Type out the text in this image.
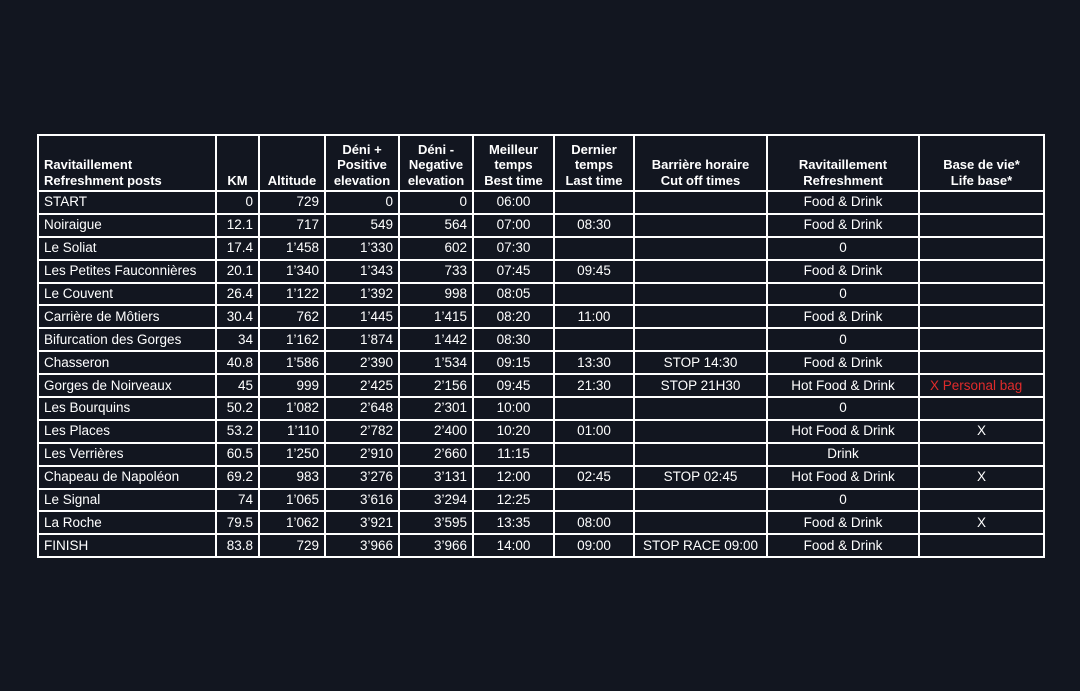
Ravitaillement
Refreshment posts	KM	Altitude	Déni +
Positive
elevation	Déni -
Negative
elevation	Meilleur
temps
Best time	Dernier
temps
Last time	Barrière horaire
Cut off times	Ravitaillement
Refreshment	Base de vie*
Life base*
START	0	729	0	0	06:00			Food & Drink	
Noiraigue	12.1	717	549	564	07:00	08:30		Food & Drink	
Le Soliat	17.4	1’458	1’330	602	07:30			0	
Les Petites Fauconnières	20.1	1’340	1’343	733	07:45	09:45		Food & Drink	
Le Couvent	26.4	1’122	1’392	998	08:05			0	
Carrière de Môtiers	30.4	762	1’445	1’415	08:20	11:00		Food & Drink	
Bifurcation des Gorges	34	1’162	1’874	1’442	08:30			0	
Chasseron	40.8	1’586	2’390	1’534	09:15	13:30	STOP 14:30	Food & Drink	
Gorges de Noirveaux	45	999	2’425	2’156	09:45	21:30	STOP 21H30	Hot Food & Drink	X Personal bag
Les Bourquins	50.2	1’082	2’648	2’301	10:00			0	
Les Places	53.2	1’110	2’782	2’400	10:20	01:00		Hot Food & Drink	X
Les Verrières	60.5	1’250	2’910	2’660	11:15			Drink	
Chapeau de Napoléon	69.2	983	3’276	3’131	12:00	02:45	STOP 02:45	Hot Food & Drink	X
Le Signal	74	1’065	3’616	3’294	12:25			0	
La Roche	79.5	1’062	3’921	3’595	13:35	08:00		Food & Drink	X
FINISH	83.8	729	3’966	3’966	14:00	09:00	STOP RACE 09:00	Food & Drink	
